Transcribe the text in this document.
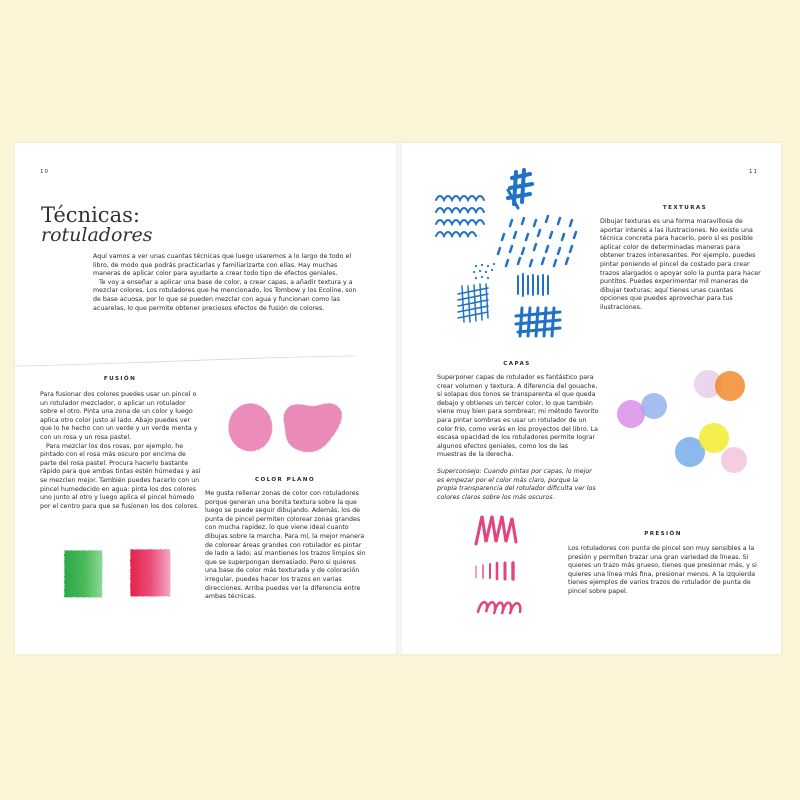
10
Técnicas:
rotuladores

Aquí vamos a ver unas cuantas técnicas que luego usaremos a lo largo de todo el libro, de modo que podrás practicarlas y familiarizarte con ellas. Hay muchas maneras de aplicar color para ayudarte a crear todo tipo de efectos geniales.

Te voy a enseñar a aplicar una base de color, a crear capas, a añadir textura y a mezclar colores. Los rotuladores que he mencionado, los Tombow y los Ecoline, son de base acuosa, por lo que se pueden mezclar con agua y funcionan como las acuarelas, lo que permite obtener preciosos efectos de fusión de colores.

FUSIÓN

Para fusionar dos colores puedes usar un pincel o un rotulador mezclador, o aplicar un rotulador sobre el otro. Pinta una zona de un color y luego aplica otro color justo al lado. Abajo puedes ver que lo he hecho con un verde y un verde menta y con un rosa y un rosa pastel.

Para mezclar los dos rosas, por ejemplo, he pintado con el rosa más oscuro por encima de parte del rosa pastel. Procura hacerlo bastante rápido para que ambas tintas estén húmedas y así se mezclen mejor. También puedes hacerlo con un pincel humedecido en agua: pinta los dos colores uno junto al otro y luego aplica el pincel húmedo por el centro para que se fusionen los dos colores.

COLOR PLANO
Me gusta rellenar zonas de color con rotuladores porque generan una bonita textura sobre la que luego se puede seguir dibujando. Además, los de punta de pincel permiten colorear zonas grandes con mucha rapidez, lo que viene ideal cuanto dibujas sobre la marcha. Para mí, la mejor manera de colorear áreas grandes con rotulador es pintar de lado a lado; así mantienes los trazos limpios sin que se superpongan demasiado. Pero si quieres una base de color más texturada y de coloración irregular, puedes hacer los trazos en varias direcciones. Arriba puedes ver la diferencia entre ambas técnicas.
11
TEXTURAS
Dibujar texturas es una forma maravillosa de aportar interés a las ilustraciones. No existe una técnica concreta para hacerlo, pero sí es posible aplicar color de determinadas maneras para obtener trazos interesantes. Por ejemplo, puedes pintar poniendo el pincel de costado para crear trazos alargados o apoyar solo la punta para hacer puntitos. Puedes experimentar mil maneras de dibujar texturas; aquí tienes unas cuantas opciones que puedes aprovechar para tus ilustraciones.
CAPAS
Superponer capas de rotulador es fantástico para crear volumen y textura. A diferencia del gouache, si solapas dos tonos se transparenta el que queda debajo y obtienes un tercer color, lo que también viene muy bien para sombrear; mi método favorito para pintar sombras es usar un rotulador de un color frío, como verás en los proyectos del libro. La escasa opacidad de los rotuladores permite lograr algunos efectos geniales, como los de las muestras de la derecha.
Superconsejo: Cuando pintas por capas, lo mejor es empezar por el color más claro, porque la propia transparencia del rotulador dificulta ver los colores claros sobre los más oscuros.
PRESIÓN
Los rotuladores con punta de pincel son muy sensibles a la presión y permiten trazar una gran variedad de líneas. Si quieres un trazo más grueso, tienes que presionar más, y si quieres una línea más fina, presionar menos. A la izquierda tienes ejemplos de varios trazos de rotulador de punta de pincel sobre papel.
